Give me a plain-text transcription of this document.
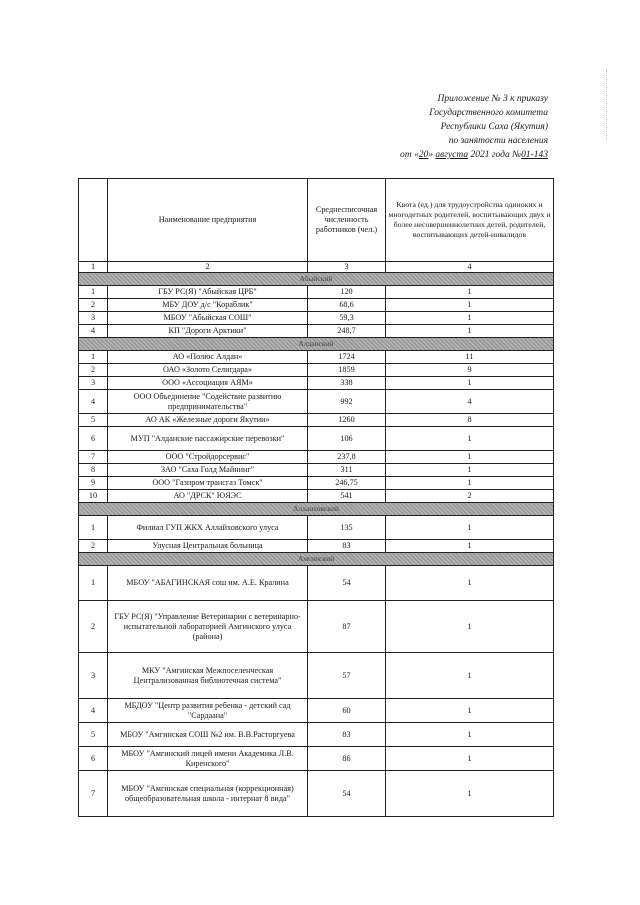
Приложение № 3 к приказу
Государственного комитета
Республики Саха (Якутия)
по занятости населения
от «20» августа 2021 года №01-143
	Наименование предприятия	Среднесписочная численность работников (чел.)	Квота (ед.) для трудоустройства одиноких и многодетных родителей, воспитывающих двух и более несовершеннолетних детей, родителей, воспитывающих детей-инвалидов
1	2	3	4
Абыйский			
1	ГБУ РС(Я) "Абыйская ЦРБ"	120	1
2	МБУ ДОУ д/с "Кораблик"	68,6	1
3	МБОУ "Абыйская СОШ"	59,3	1
4	КП "Дороги Арктики"	248,7	1
Алданский			
1	АО «Полюс Алдан»	1724	11
2	ОАО «Золото Селигдара»	1859	9
3	ООО «Ассоциация АЯМ»	338	1
4	ООО Объединение "Содействие развитию предпринимательства"	992	4
5	АО АК «Железные дороги Якутии»	1260	8
6	МУП "Алданские пассажирские перевозки"	106	1
7	ООО "Стройдорсервис"	237,8	1
8	ЗАО "Саха Голд Майнинг"	311	1
9	ООО "Газпром трансгаз Томск"	246,75	1
10	АО "ДРСК" ЮЯЭС	541	2
Аллаиховский			
1	Филиал ГУП ЖКХ Аллайховского улуса	135	1
2	Улусная Центральная больница	83	1
Амгинский			
1	МБОУ "АБАГИНСКАЯ сош им. А.Е. Кралина	54	1
2	ГБУ РС(Я) "Управление Ветеринарии с ветеринарно-испытательной лабораторией Амгинского улуса (района)	87	1
3	МКУ "Амгинская Межпоселенческая Централизованная библиотечная система"	57	1
4	МБДОУ "Центр развития ребенка - детский сад "Сардаана"	60	1
5	МБОУ "Амгинская СОШ №2 им. В.В.Расторгуева	83	1
6	МБОУ "Амгинский лицей имени Академика Л.В. Киренского"	86	1
7	МБОУ "Амгинская специальная (коррекционная) общеобразовательная школа - интернат 8 вида"	54	1
